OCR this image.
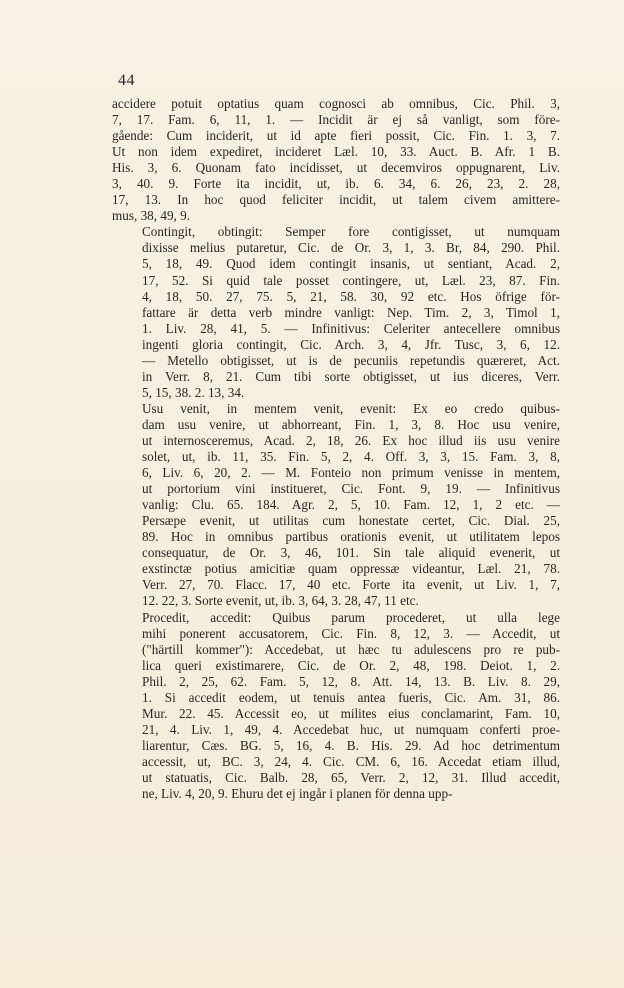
44
accidere potuit optatius quam cognosci ab omnibus, Cic. Phil. 3,
7, 17. Fam. 6, 11, 1. — Incidit är ej så vanligt, som före-
gående: Cum inciderit, ut id apte fieri possit, Cic. Fin. 1. 3, 7.
Ut non idem expediret, incideret Læl. 10, 33. Auct. B. Afr. 1 B.
His. 3, 6. Quonam fato incidisset, ut decemviros oppugnarent, Liv.
3, 40. 9. Forte ita incidit, ut, ib. 6. 34, 6. 26, 23, 2. 28,
17, 13. In hoc quod feliciter incidit, ut talem civem amittere-
mus, 38, 49, 9.
Contingit, obtingit: Semper fore contigisset, ut numquam
dixisse melius putaretur, Cic. de Or. 3, 1, 3. Br, 84, 290. Phil.
5, 18, 49. Quod idem contingit insanis, ut sentiant, Acad. 2,
17, 52. Si quid tale posset contingere, ut, Læl. 23, 87. Fin.
4, 18, 50. 27, 75. 5, 21, 58. 30, 92 etc. Hos öfrige för-
fattare är detta verb mindre vanligt: Nep. Tim. 2, 3, Timol 1,
1. Liv. 28, 41, 5. — Infinitivus: Celeriter antecellere omnibus
ingenti gloria contingit, Cic. Arch. 3, 4, Jfr. Tusc, 3, 6, 12.
— Metello obtigisset, ut is de pecuniis repetundis quæreret, Act.
in Verr. 8, 21. Cum tibi sorte obtigisset, ut ius diceres, Verr.
5, 15, 38. 2. 13, 34.
Usu venit, in mentem venit, evenit: Ex eo credo quibus-
dam usu venire, ut abhorreant, Fin. 1, 3, 8. Hoc usu venire,
ut internosceremus, Acad. 2, 18, 26. Ex hoc illud iis usu venire
solet, ut, ib. 11, 35. Fin. 5, 2, 4. Off. 3, 3, 15. Fam. 3, 8,
6, Liv. 6, 20, 2. — M. Fonteio non primum venisse in mentem,
ut portorium vini institueret, Cic. Font. 9, 19. — Infinitivus
vanlig: Clu. 65. 184. Agr. 2, 5, 10. Fam. 12, 1, 2 etc. —
Persæpe evenit, ut utilitas cum honestate certet, Cic. Dial. 25,
89. Hoc in omnibus partibus orationis evenit, ut utilitatem lepos
consequatur, de Or. 3, 46, 101. Sin tale aliquid evenerit, ut
exstinctæ potius amicitiæ quam oppressæ videantur, Læl. 21, 78.
Verr. 27, 70. Flacc. 17, 40 etc. Forte ita evenit, ut Liv. 1, 7,
12. 22, 3. Sorte evenit, ut, ib. 3, 64, 3. 28, 47, 11 etc.
Procedit, accedit: Quibus parum procederet, ut ulla lege
mihi ponerent accusatorem, Cic. Fin. 8, 12, 3. — Accedit, ut
("härtill kommer"): Accedebat, ut hæc tu adulescens pro re pub-
lica queri existimarere, Cic. de Or. 2, 48, 198. Deiot. 1, 2.
Phil. 2, 25, 62. Fam. 5, 12, 8. Att. 14, 13. B. Liv. 8. 29,
1. Si accedit eodem, ut tenuis antea fueris, Cic. Am. 31, 86.
Mur. 22. 45. Accessit eo, ut milites eius conclamarint, Fam. 10,
21, 4. Liv. 1, 49, 4. Accedebat huc, ut numquam conferti proe-
liarentur, Cæs. BG. 5, 16, 4. B. His. 29. Ad hoc detrimentum
accessit, ut, BC. 3, 24, 4. Cic. CM. 6, 16. Accedat etiam illud,
ut statuatis, Cic. Balb. 28, 65, Verr. 2, 12, 31. Illud accedit,
ne, Liv. 4, 20, 9. Ehuru det ej ingår i planen för denna upp-
